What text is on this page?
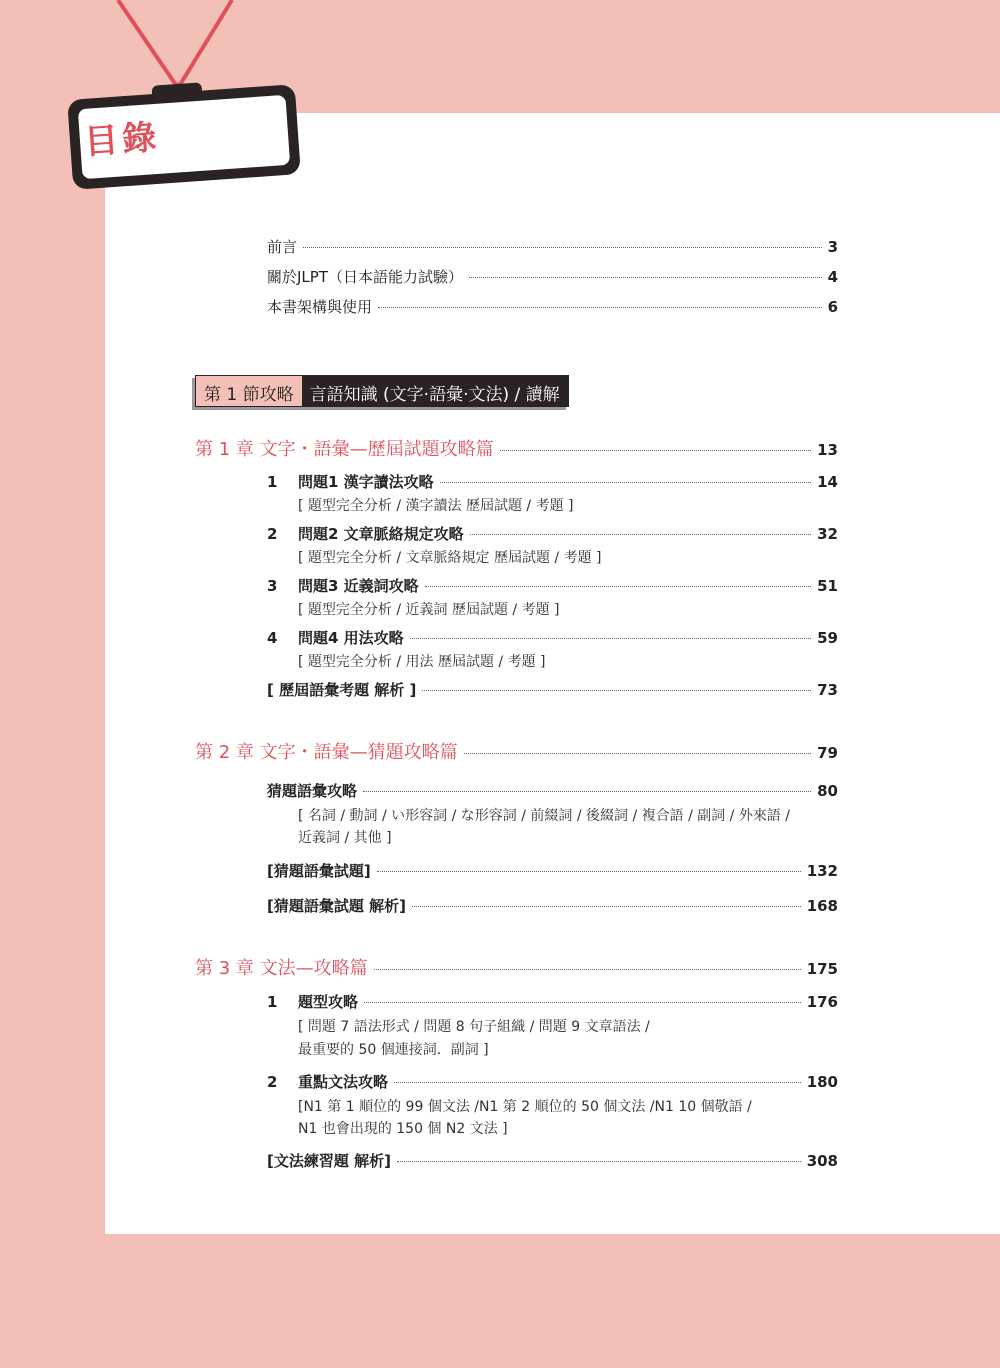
目錄
前言	3
關於JLPT（日本語能力試驗）	4
本書架構與使用	6
第 1 節攻略 言語知識 (文字·語彙·文法) / 讀解
第 1 章 文字・語彙—歷屆試題攻略篇	13
1	問題1 漢字讀法攻略	14
[ 題型完全分析 / 漢字讀法 歷屆試題 / 考題 ]
2	問題2 文章脈絡規定攻略	32
[ 題型完全分析 / 文章脈絡規定 歷屆試題 / 考題 ]
3	問題3 近義詞攻略	51
[ 題型完全分析 / 近義詞 歷屆試題 / 考題 ]
4	問題4 用法攻略	59
[ 題型完全分析 / 用法 歷屆試題 / 考題 ]
[ 歷屆語彙考題 解析 ]	73
第 2 章 文字・語彙—猜題攻略篇	79
猜題語彙攻略	80
[ 名詞 / 動詞 / い形容詞 / な形容詞 / 前綴詞 / 後綴詞 / 複合語 / 副詞 / 外來語 /
近義詞 / 其他 ]
[猜題語彙試題]	132
[猜題語彙試題 解析]	168
第 3 章 文法—攻略篇	175
1	題型攻略	176
[ 問題 7 語法形式 / 問題 8 句子組織 / 問題 9 文章語法 /
最重要的 50 個連接詞．副詞 ]
2	重點文法攻略	180
[N1 第 1 順位的 99 個文法 /N1 第 2 順位的 50 個文法 /N1 10 個敬語 /
N1 也會出現的 150 個 N2 文法 ]
[文法練習題 解析]	308
